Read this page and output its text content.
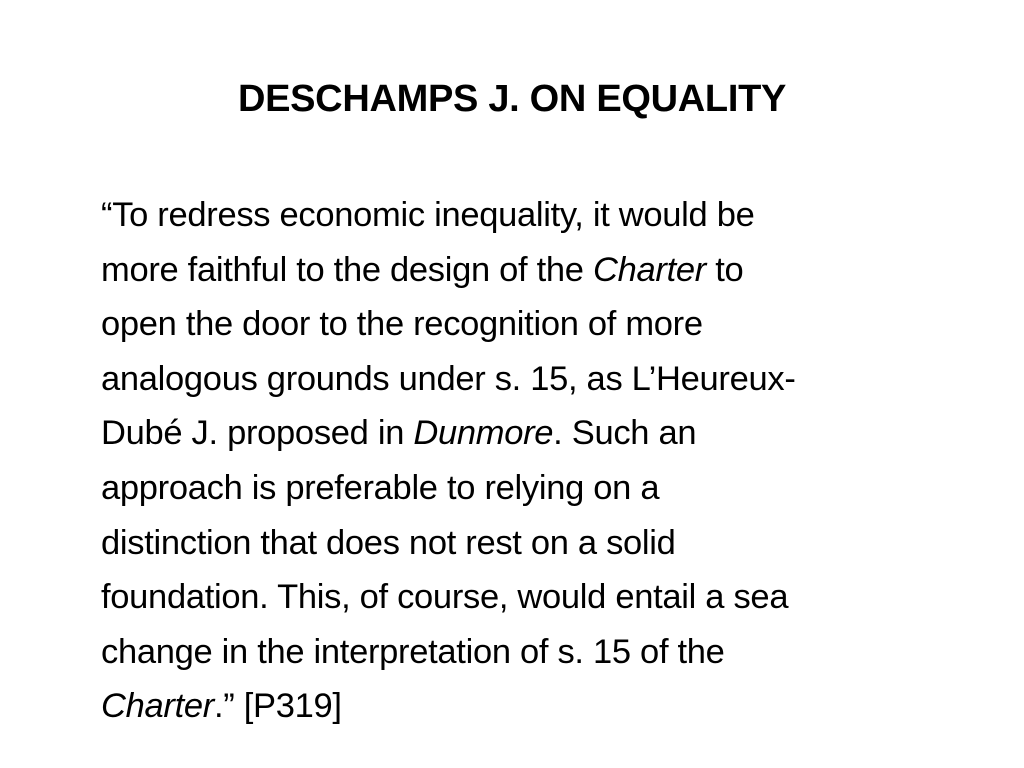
DESCHAMPS J. ON EQUALITY
“To redress economic inequality, it would be
more faithful to the design of the Charter to
open the door to the recognition of more
analogous grounds under s. 15, as L’Heureux-
Dubé J. proposed in Dunmore. Such an
approach is preferable to relying on a
distinction that does not rest on a solid
foundation. This, of course, would entail a sea
change in the interpretation of s. 15 of the
Charter.” [P319]
